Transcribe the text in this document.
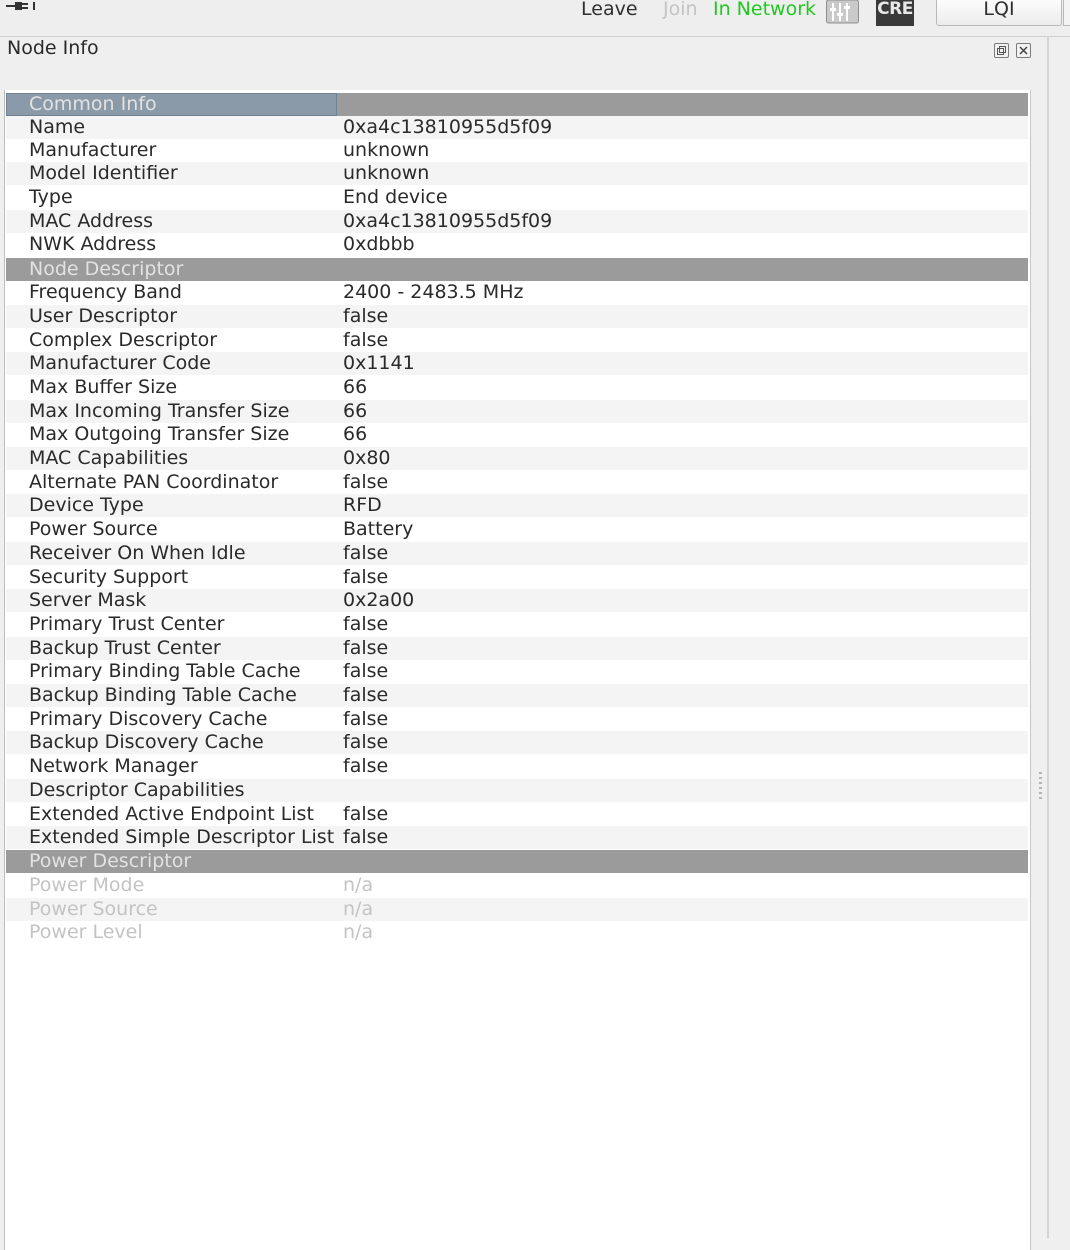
Leave Join In Network	CRE	LQI
Node Info
Common Info
Name	0xa4c13810955d5f09
Manufacturer	unknown
Model Identifier	unknown
Type	End device
MAC Address	0xa4c13810955d5f09
NWK Address	0xdbbb
Node Descriptor
Frequency Band	2400 - 2483.5 MHz
User Descriptor	false
Complex Descriptor	false
Manufacturer Code	0x1141
Max Buffer Size	66
Max Incoming Transfer Size	66
Max Outgoing Transfer Size	66
MAC Capabilities	0x80
Alternate PAN Coordinator	false
Device Type	RFD
Power Source	Battery
Receiver On When Idle	false
Security Support	false
Server Mask	0x2a00
Primary Trust Center	false
Backup Trust Center	false
Primary Binding Table Cache false
Backup Binding Table Cache false
Primary Discovery Cache	false
Backup Discovery Cache	false
Network Manager	false
Descriptor Capabilities
Extended Active Endpoint List false
Extended Simple Descriptor List false
Power Descriptor
Power Mode	n/a
Power Source	n/a
Power Level	n/a
